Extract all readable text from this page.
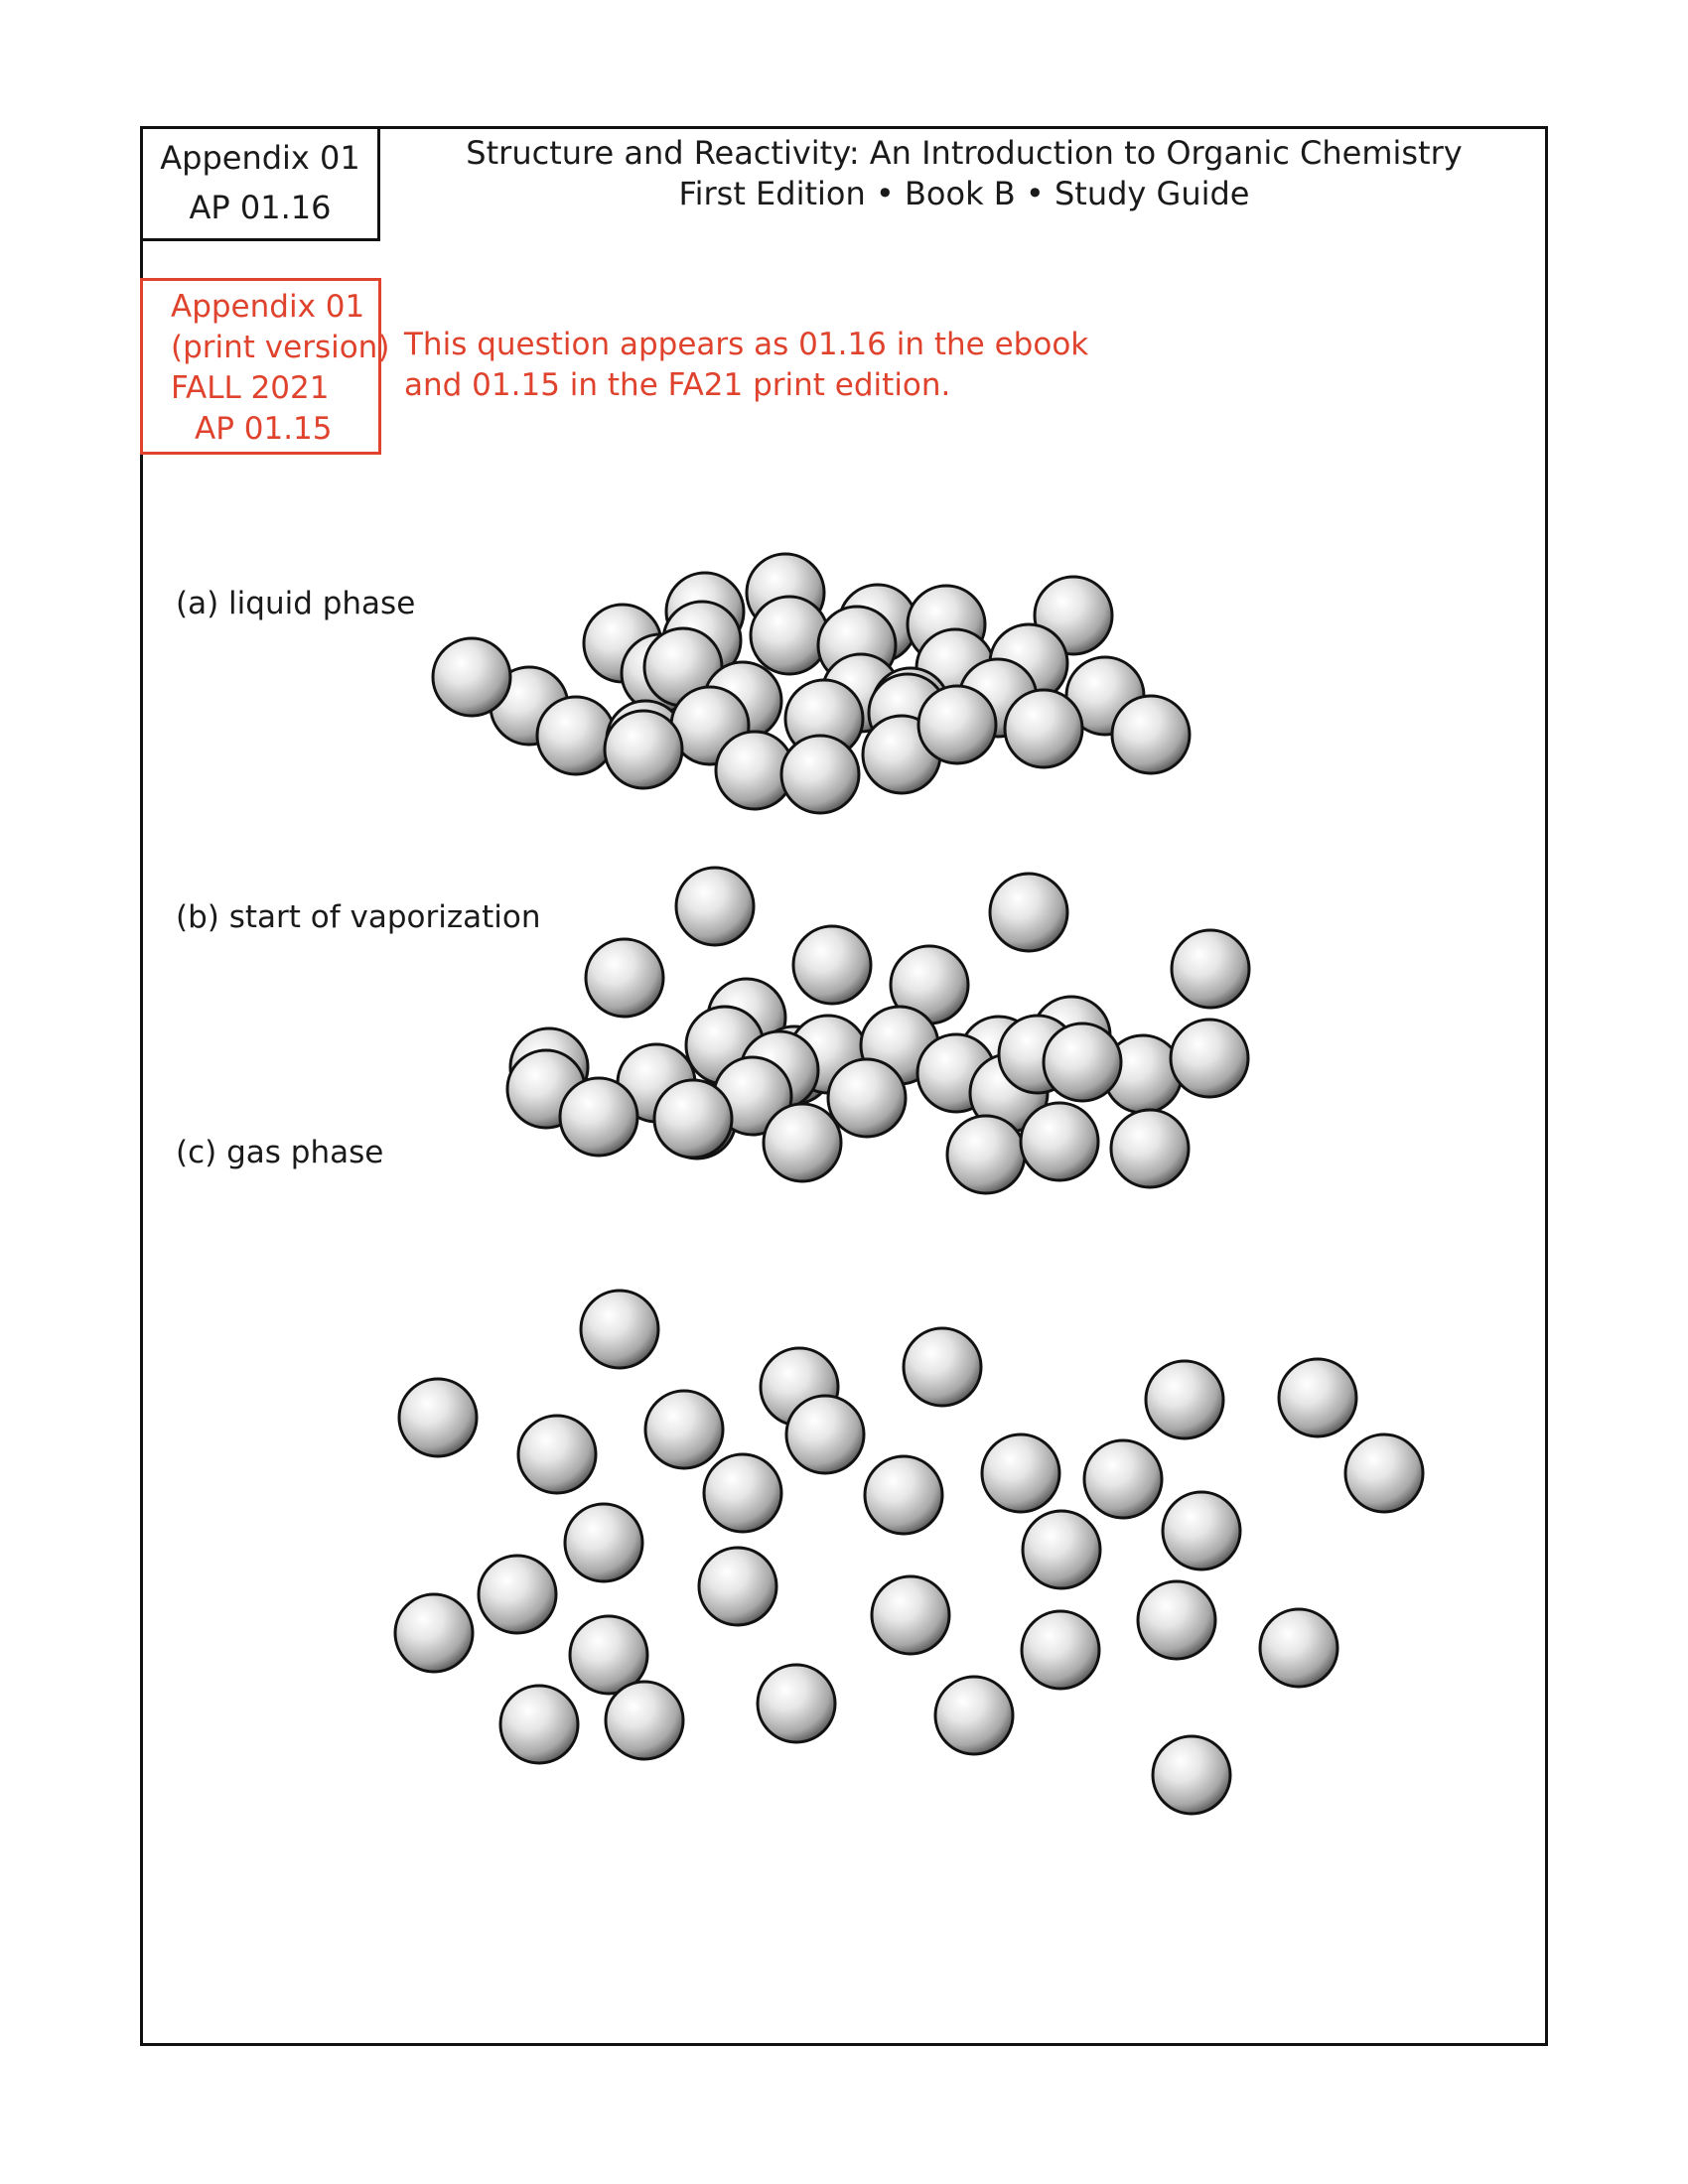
Appendix 01
AP 01.16
Structure and Reactivity: An Introduction to Organic Chemistry
First Edition • Book B • Study Guide
Appendix 01
(print version)
FALL 2021
AP 01.15
This question appears as 01.16 in the ebook
and 01.15 in the FA21 print edition.
(a) liquid phase
(b) start of vaporization
(c) gas phase
